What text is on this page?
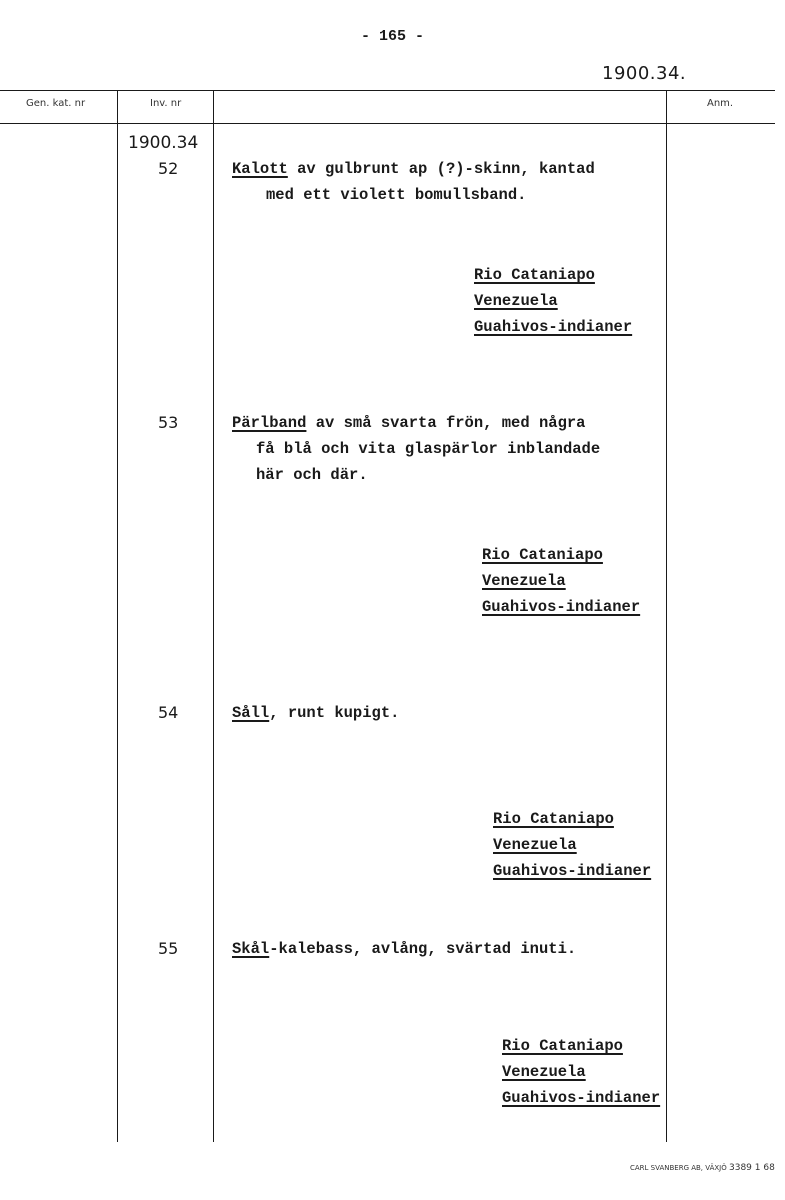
- 165 -
1900.34.
Gen. kat. nr	Inv. nr	Anm.
1900.34
52	Kalott av gulbrunt ap (?)-skinn, kantad
med ett violett bomullsband.
Rio Cataniapo
Venezuela
Guahivos-indianer
53	Pärlband av små svarta frön, med några
få blå och vita glaspärlor inblandade
här och där.
Rio Cataniapo
Venezuela
Guahivos-indianer
54	Såll, runt kupigt.
Rio Cataniapo
Venezuela
Guahivos-indianer
55	Skål-kalebass, avlång, svärtad inuti.
Rio Cataniapo
Venezuela
Guahivos-indianer
CARL SVANBERG AB, VÄXJÖ 3389 1 68
